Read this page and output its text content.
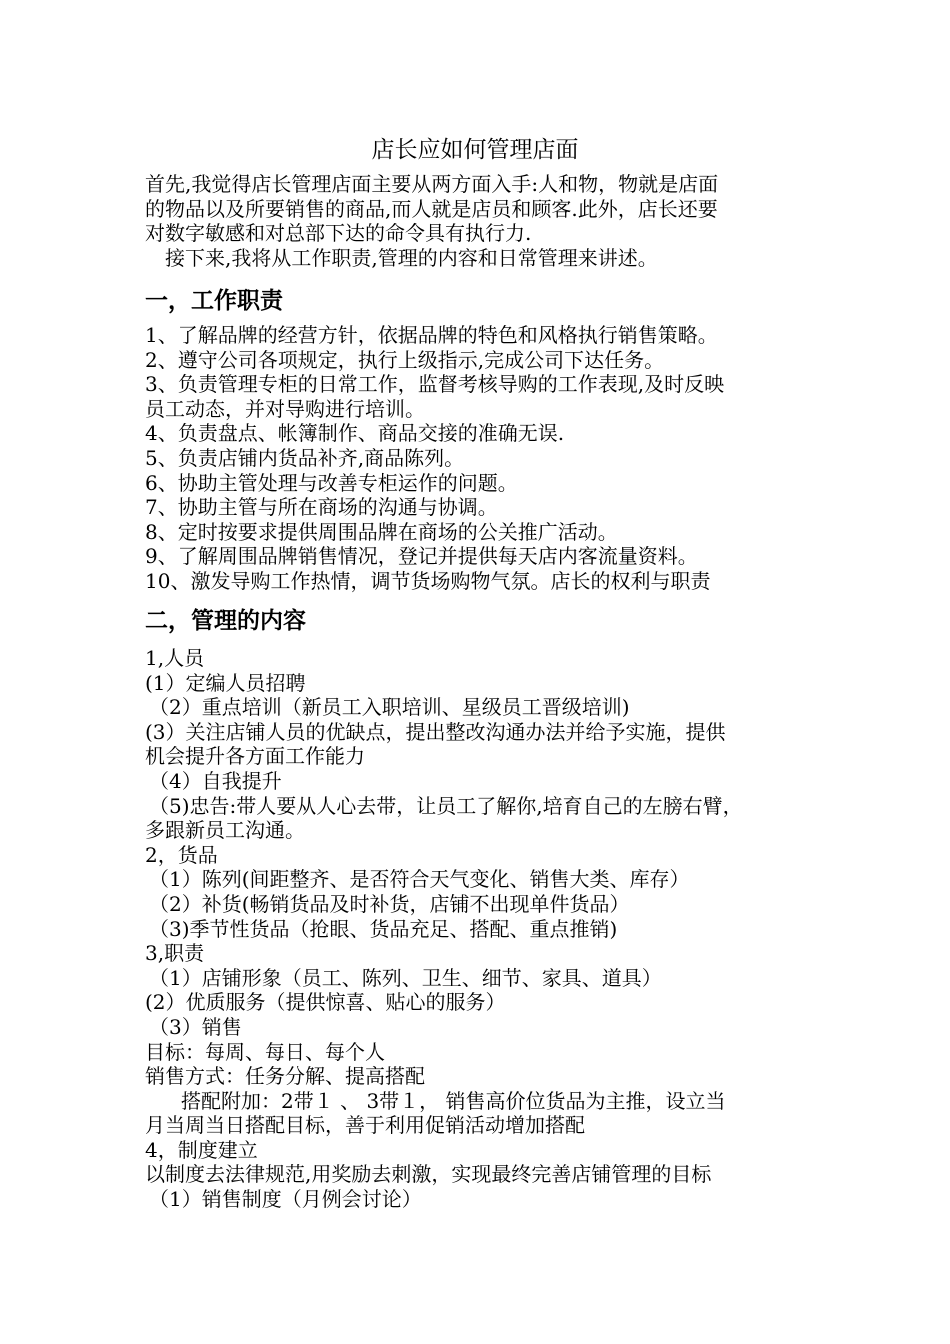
店长应如何管理店面

首先,我觉得店长管理店面主要从两方面入手:人和物，物就是店面

的物品以及所要销售的商品,而人就是店员和顾客.此外，店长还要

对数字敏感和对总部下达的命令具有执行力.

接下来,我将从工作职责,管理的内容和日常管理来讲述。

一，工作职责
1、了解品牌的经营方针，依据品牌的特色和风格执行销售策略。
2、遵守公司各项规定，执行上级指示,完成公司下达任务。
3、负责管理专柜的日常工作，监督考核导购的工作表现,及时反映
员工动态，并对导购进行培训。
4、负责盘点、帐簿制作、商品交接的准确无误.
5、负责店铺内货品补齐,商品陈列。
6、协助主管处理与改善专柜运作的问题。
7、协助主管与所在商场的沟通与协调。
8、定时按要求提供周围品牌在商场的公关推广活动。
9、了解周围品牌销售情况，登记并提供每天店内客流量资料。
10、激发导购工作热情，调节货场购物气氛。店长的权利与职责
二，管理的内容
1,人员
(1）定编人员招聘
（2）重点培训（新员工入职培训、星级员工晋级培训)
(3）关注店铺人员的优缺点，提出整改沟通办法并给予实施，提供
机会提升各方面工作能力
（4）自我提升
（5)忠告:带人要从人心去带，让员工了解你,培育自己的左膀右臂，
多跟新员工沟通。
2，货品
（1）陈列(间距整齐、是否符合天气变化、销售大类、库存）
（2）补货(畅销货品及时补货，店铺不出现单件货品）
（3)季节性货品（抢眼、货品充足、搭配、重点推销)
3,职责
（1）店铺形象（员工、陈列、卫生、细节、家具、道具）
(2）优质服务（提供惊喜、贴心的服务）
（3）销售
目标：每周、每日、每个人
销售方式：任务分解、提高搭配
搭配附加：2带１ 、 3带１， 销售高价位货品为主推，设立当
月当周当日搭配目标，善于利用促销活动增加搭配
4，制度建立
以制度去法律规范,用奖励去刺激，实现最终完善店铺管理的目标
（1）销售制度（月例会讨论）
